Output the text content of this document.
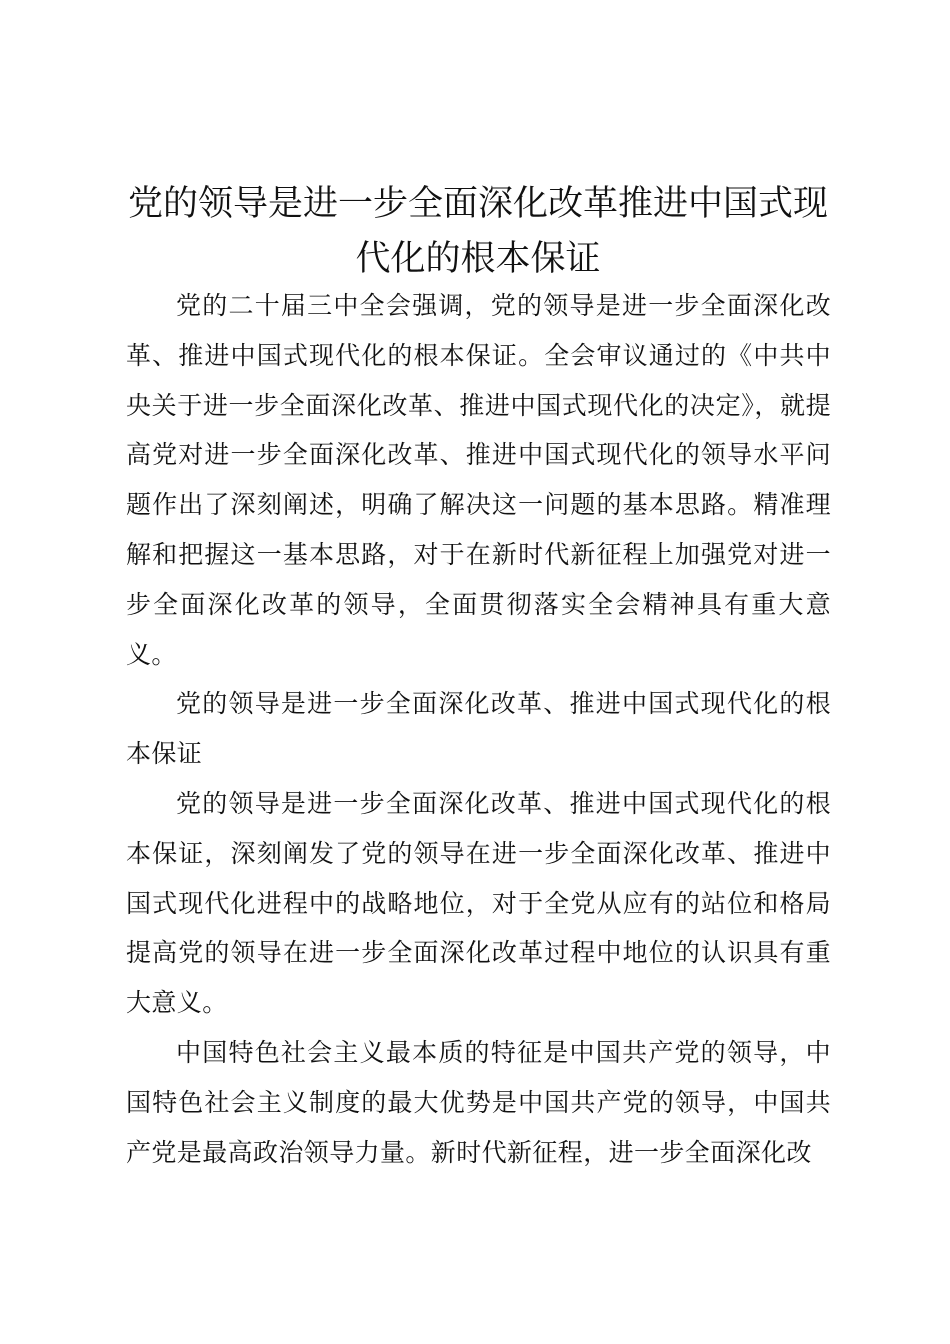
党的领导是进一步全面深化改革推进中国式现代化的根本保证

党的二十届三中全会强调，党的领导是进一步全面深化改革、推进中国式现代化的根本保证。全会审议通过的《中共中央关于进一步全面深化改革、推进中国式现代化的决定》，就提高党对进一步全面深化改革、推进中国式现代化的领导水平问题作出了深刻阐述，明确了解决这一问题的基本思路。精准理解和把握这一基本思路，对于在新时代新征程上加强党对进一步全面深化改革的领导，全面贯彻落实全会精神具有重大意义。

党的领导是进一步全面深化改革、推进中国式现代化的根本保证

党的领导是进一步全面深化改革、推进中国式现代化的根本保证，深刻阐发了党的领导在进一步全面深化改革、推进中国式现代化进程中的战略地位，对于全党从应有的站位和格局提高党的领导在进一步全面深化改革过程中地位的认识具有重大意义。

中国特色社会主义最本质的特征是中国共产党的领导，中国特色社会主义制度的最大优势是中国共产党的领导，中国共产党是最高政治领导力量。新时代新征程，进一步全面深化改
